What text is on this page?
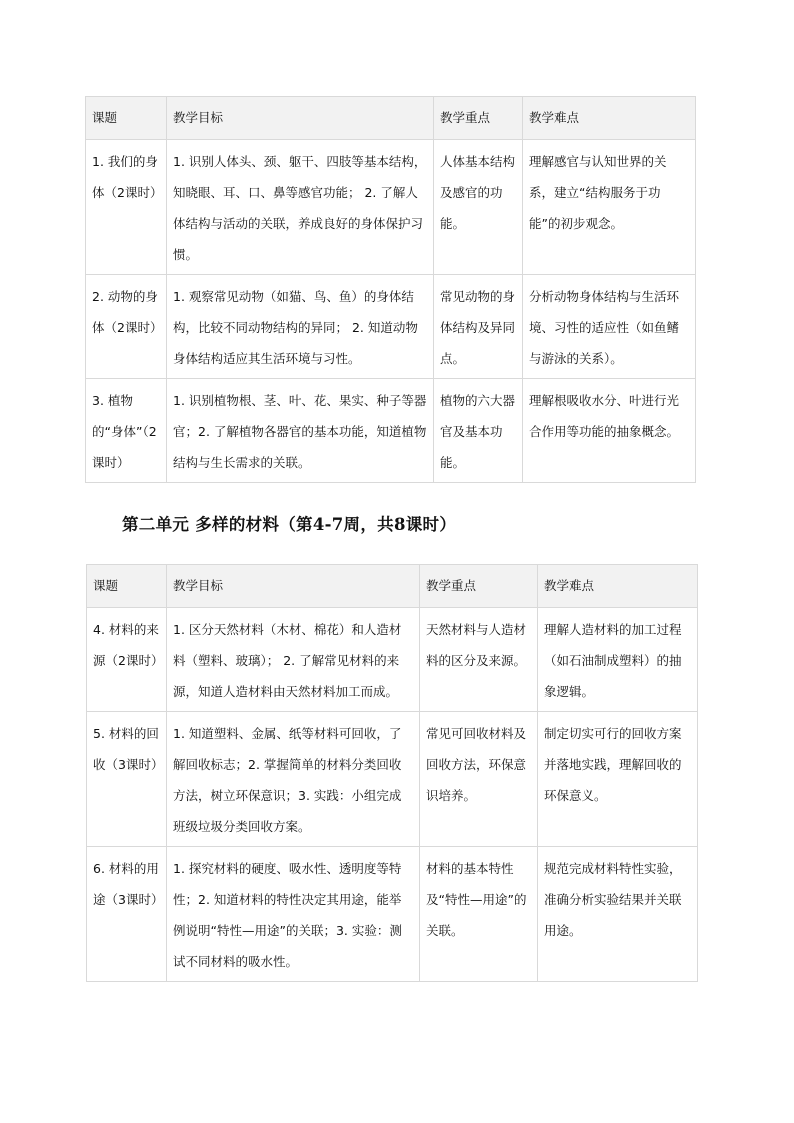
课题	教学目标	教学重点	教学难点
1. 我们的身体（2课时）	1. 识别人体头、颈、躯干、四肢等基本结构，知晓眼、耳、口、鼻等感官功能； 2. 了解人体结构与活动的关联，养成良好的身体保护习惯。	人体基本结构及感官的功能。	理解感官与认知世界的关系，建立“结构服务于功能”的初步观念。
2. 动物的身体（2课时）	1. 观察常见动物（如猫、鸟、鱼）的身体结构，比较不同动物结构的异同； 2. 知道动物身体结构适应其生活环境与习性。	常见动物的身体结构及异同点。	分析动物身体结构与生活环境、习性的适应性（如鱼鳍与游泳的关系）。
3. 植物的“身体”（2课时）	1. 识别植物根、茎、叶、花、果实、种子等器官；2. 了解植物各器官的基本功能，知道植物结构与生长需求的关联。	植物的六大器官及基本功能。	理解根吸收水分、叶进行光合作用等功能的抽象概念。
第二单元 多样的材料（第4-7周，共8课时）
课题	教学目标	教学重点	教学难点
4. 材料的来源（2课时）	1. 区分天然材料（木材、棉花）和人造材料（塑料、玻璃）； 2. 了解常见材料的来源，知道人造材料由天然材料加工而成。	天然材料与人造材料的区分及来源。	理解人造材料的加工过程（如石油制成塑料）的抽象逻辑。
5. 材料的回收（3课时）	1. 知道塑料、金属、纸等材料可回收，了解回收标志；2. 掌握简单的材料分类回收方法，树立环保意识；3. 实践：小组完成班级垃圾分类回收方案。	常见可回收材料及回收方法，环保意识培养。	制定切实可行的回收方案并落地实践，理解回收的环保意义。
6. 材料的用途（3课时）	1. 探究材料的硬度、吸水性、透明度等特性；2. 知道材料的特性决定其用途，能举例说明“特性—用途”的关联；3. 实验：测试不同材料的吸水性。	材料的基本特性及“特性—用途”的关联。	规范完成材料特性实验，准确分析实验结果并关联用途。
